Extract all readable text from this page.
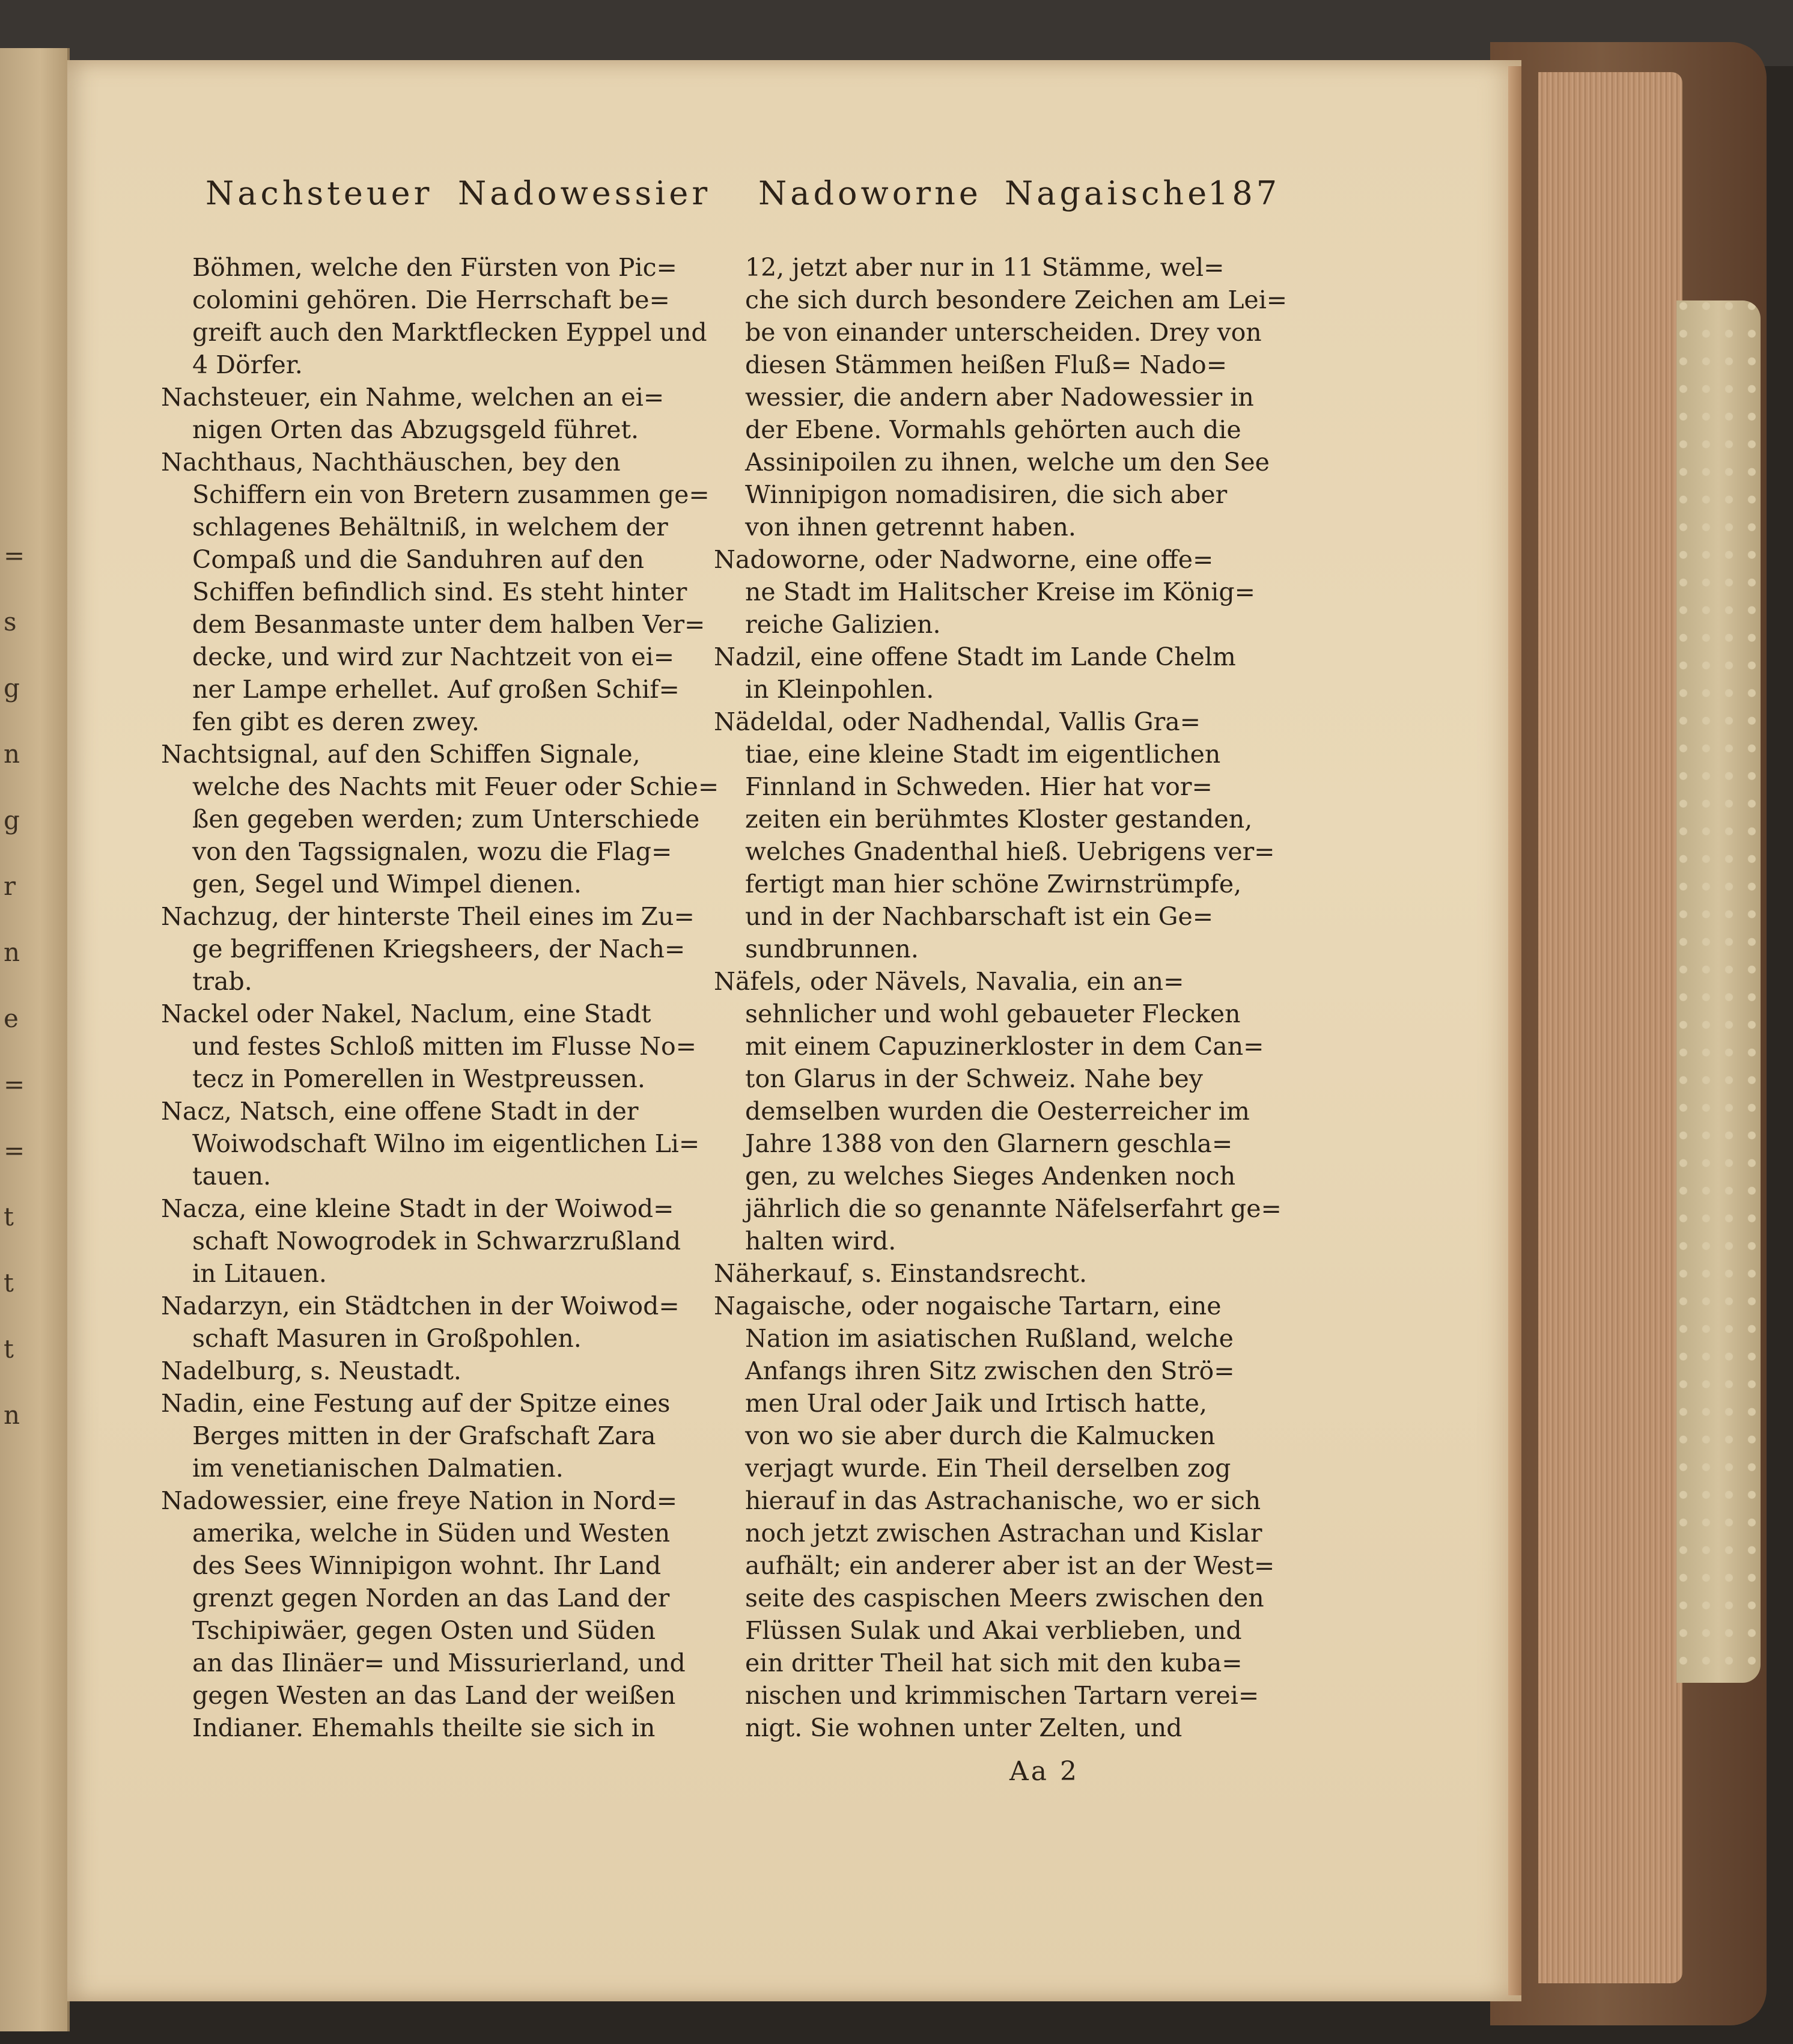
=
s
g
n
g
r
n
e
=
=
t
t
t
n
Nachsteuer Nadowessier Nadoworne Nagaische
187
Böhmen, welche den Fürsten von Pic=
colomini gehören. Die Herrschaft be=
greift auch den Marktflecken Eyppel und
4 Dörfer.
Nachsteuer, ein Nahme, welchen an ei=
nigen Orten das Abzugsgeld führet.
Nachthaus, Nachthäuschen, bey den
Schiffern ein von Bretern zusammen ge=
schlagenes Behältniß, in welchem der
Compaß und die Sanduhren auf den
Schiffen befindlich sind. Es steht hinter
dem Besanmaste unter dem halben Ver=
decke, und wird zur Nachtzeit von ei=
ner Lampe erhellet. Auf großen Schif=
fen gibt es deren zwey.
Nachtsignal, auf den Schiffen Signale,
welche des Nachts mit Feuer oder Schie=
ßen gegeben werden; zum Unterschiede
von den Tagssignalen, wozu die Flag=
gen, Segel und Wimpel dienen.
Nachzug, der hinterste Theil eines im Zu=
ge begriffenen Kriegsheers, der Nach=
trab.
Nackel oder Nakel, Naclum, eine Stadt
und festes Schloß mitten im Flusse No=
tecz in Pomerellen in Westpreussen.
Nacz, Natsch, eine offene Stadt in der
Woiwodschaft Wilno im eigentlichen Li=
tauen.
Nacza, eine kleine Stadt in der Woiwod=
schaft Nowogrodek in Schwarzrußland
in Litauen.
Nadarzyn, ein Städtchen in der Woiwod=
schaft Masuren in Großpohlen.
Nadelburg, s. Neustadt.
Nadin, eine Festung auf der Spitze eines
Berges mitten in der Grafschaft Zara
im venetianischen Dalmatien.
Nadowessier, eine freye Nation in Nord=
amerika, welche in Süden und Westen
des Sees Winnipigon wohnt. Ihr Land
grenzt gegen Norden an das Land der
Tschipiwäer, gegen Osten und Süden
an das Ilinäer= und Missurierland, und
gegen Westen an das Land der weißen
Indianer. Ehemahls theilte sie sich in
12, jetzt aber nur in 11 Stämme, wel=
che sich durch besondere Zeichen am Lei=
be von einander unterscheiden. Drey von
diesen Stämmen heißen Fluß= Nado=
wessier, die andern aber Nadowessier in
der Ebene. Vormahls gehörten auch die
Assinipoilen zu ihnen, welche um den See
Winnipigon nomadisiren, die sich aber
von ihnen getrennt haben.
Nadoworne, oder Nadworne, eine offe=
ne Stadt im Halitscher Kreise im König=
reiche Galizien.
Nadzil, eine offene Stadt im Lande Chelm
in Kleinpohlen.
Nädeldal, oder Nadhendal, Vallis Gra=
tiae, eine kleine Stadt im eigentlichen
Finnland in Schweden. Hier hat vor=
zeiten ein berühmtes Kloster gestanden,
welches Gnadenthal hieß. Uebrigens ver=
fertigt man hier schöne Zwirnstrümpfe,
und in der Nachbarschaft ist ein Ge=
sundbrunnen.
Näfels, oder Nävels, Navalia, ein an=
sehnlicher und wohl gebaueter Flecken
mit einem Capuzinerkloster in dem Can=
ton Glarus in der Schweiz. Nahe bey
demselben wurden die Oesterreicher im
Jahre 1388 von den Glarnern geschla=
gen, zu welches Sieges Andenken noch
jährlich die so genannte Näfelserfahrt ge=
halten wird.
Näherkauf, s. Einstandsrecht.
Nagaische, oder nogaische Tartarn, eine
Nation im asiatischen Rußland, welche
Anfangs ihren Sitz zwischen den Strö=
men Ural oder Jaik und Irtisch hatte,
von wo sie aber durch die Kalmucken
verjagt wurde. Ein Theil derselben zog
hierauf in das Astrachanische, wo er sich
noch jetzt zwischen Astrachan und Kislar
aufhält; ein anderer aber ist an der West=
seite des caspischen Meers zwischen den
Flüssen Sulak und Akai verblieben, und
ein dritter Theil hat sich mit den kuba=
nischen und krimmischen Tartarn verei=
nigt. Sie wohnen unter Zelten, und
Aa 2
